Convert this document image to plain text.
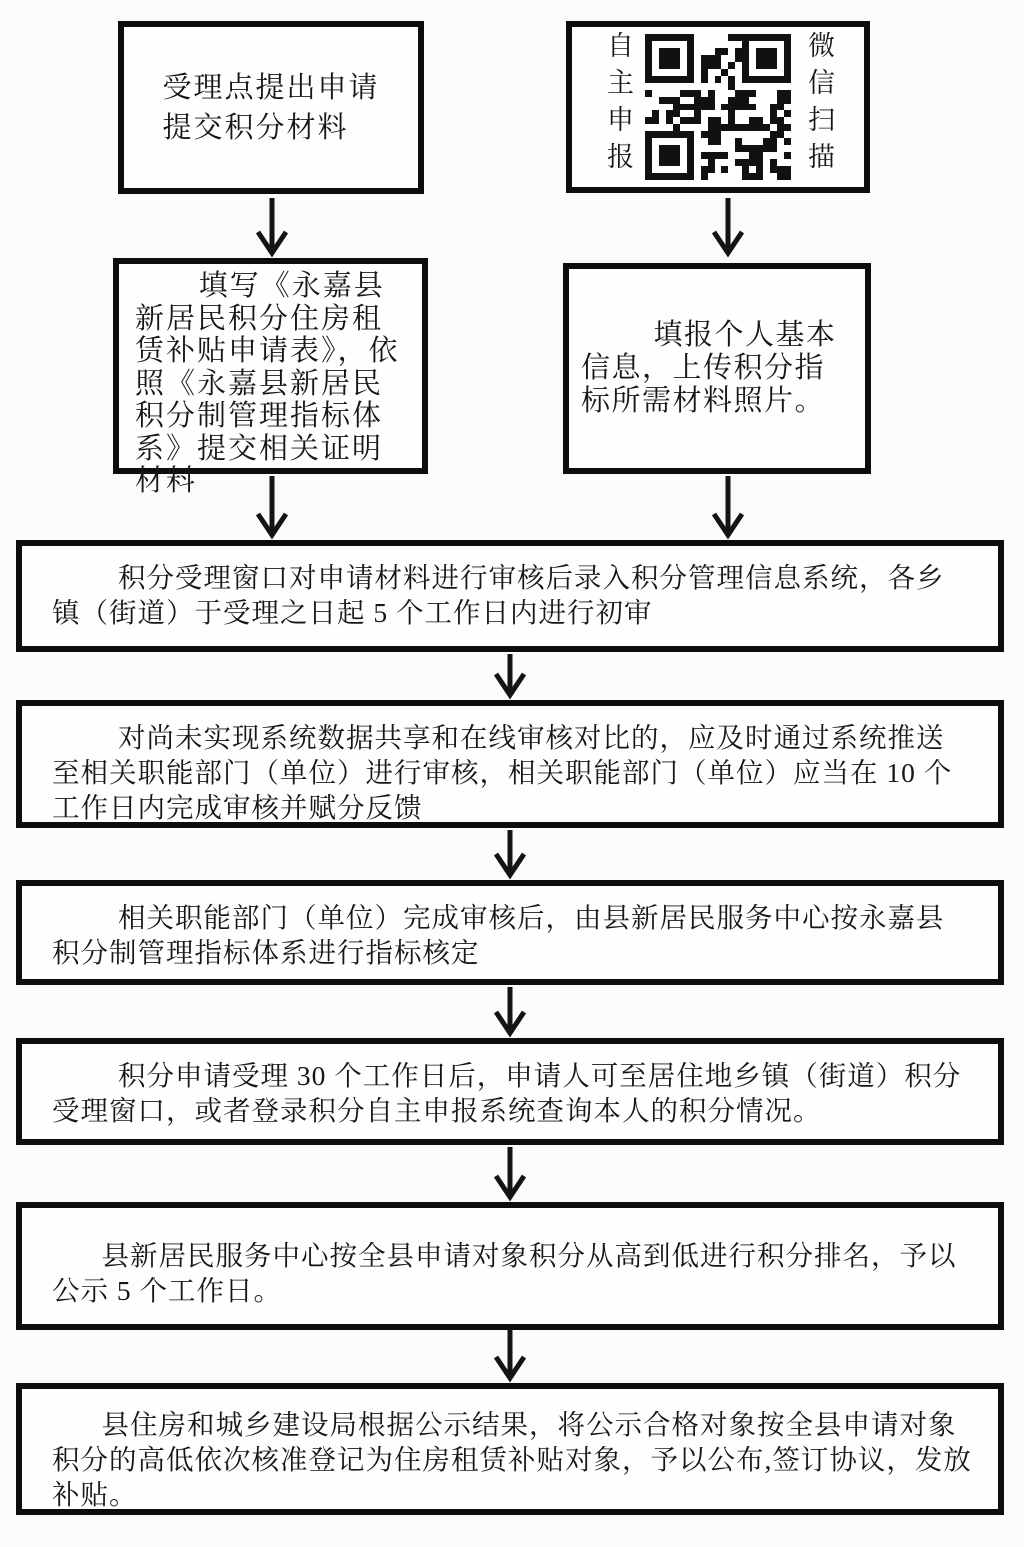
受理点提出申请
提交积分材料	自主申报	微信扫描
填写《永嘉县新居民积分住房租赁补贴申请表》，依照《永嘉县新居民积分制管理指标体系》提交相关证明材料
填报个人基本信息，上传积分指标所需材料照片。
积分受理窗口对申请材料进行审核后录入积分管理信息系统，各乡镇（街道）于受理之日起 5 个工作日内进行初审
对尚未实现系统数据共享和在线审核对比的，应及时通过系统推送至相关职能部门（单位）进行审核，相关职能部门（单位）应当在 10 个工作日内完成审核并赋分反馈
相关职能部门（单位）完成审核后，由县新居民服务中心按永嘉县积分制管理指标体系进行指标核定
积分申请受理 30 个工作日后，申请人可至居住地乡镇（街道）积分受理窗口，或者登录积分自主申报系统查询本人的积分情况。
县新居民服务中心按全县申请对象积分从高到低进行积分排名，予以公示 5 个工作日。
县住房和城乡建设局根据公示结果，将公示合格对象按全县申请对象积分的高低依次核准登记为住房租赁补贴对象，予以公布,签订协议，发放补贴。
